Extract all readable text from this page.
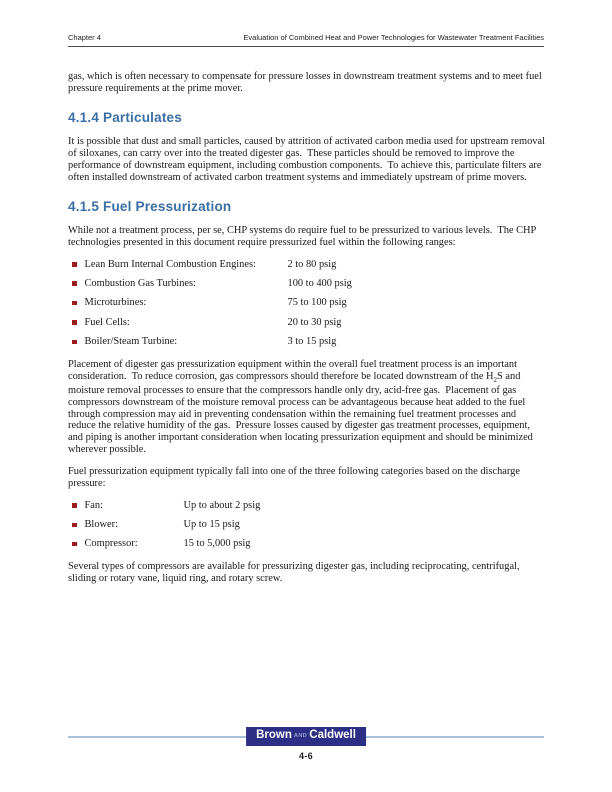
Chapter 4	Evaluation of Combined Heat and Power Technologies for Wastewater Treatment Facilities

gas, which is often necessary to compensate for pressure losses in downstream treatment systems and to meet fuel pressure requirements at the prime mover.

4.1.4 Particulates

It is possible that dust and small particles, caused by attrition of activated carbon media used for upstream removal of siloxanes, can carry over into the treated digester gas.  These particles should be removed to improve the performance of downstream equipment, including combustion components.  To achieve this, particulate filters are often installed downstream of activated carbon treatment systems and immediately upstream of prime movers.

4.1.5 Fuel Pressurization

While not a treatment process, per se, CHP systems do require fuel to be pressurized to various levels.  The CHP technologies presented in this document require pressurized fuel within the following ranges:

Lean Burn Internal Combustion Engines:	2 to 80 psig
Combustion Gas Turbines:	100 to 400 psig
Microturbines:	75 to 100 psig
Fuel Cells:	20 to 30 psig
Boiler/Steam Turbine:	3 to 15 psig

Placement of digester gas pressurization equipment within the overall fuel treatment process is an important consideration.  To reduce corrosion, gas compressors should therefore be located downstream of the $H_2S$ and moisture removal processes to ensure that the compressors handle only dry, acid-free gas.  Placement of gas compressors downstream of the moisture removal process can be advantageous because heat added to the fuel through compression may aid in preventing condensation within the remaining fuel treatment processes and reduce the relative humidity of the gas.  Pressure losses caused by digester gas treatment processes, equipment, and piping is another important consideration when locating pressurization equipment and should be minimized wherever possible.

Fuel pressurization equipment typically fall into one of the three following categories based on the discharge pressure:

Fan:	Up to about 2 psig
Blower:	Up to 15 psig
Compressor:	15 to 5,000 psig

Several types of compressors are available for pressurizing digester gas, including reciprocating, centrifugal, sliding or rotary vane, liquid ring, and rotary screw.

Brown AND Caldwell
4-6
